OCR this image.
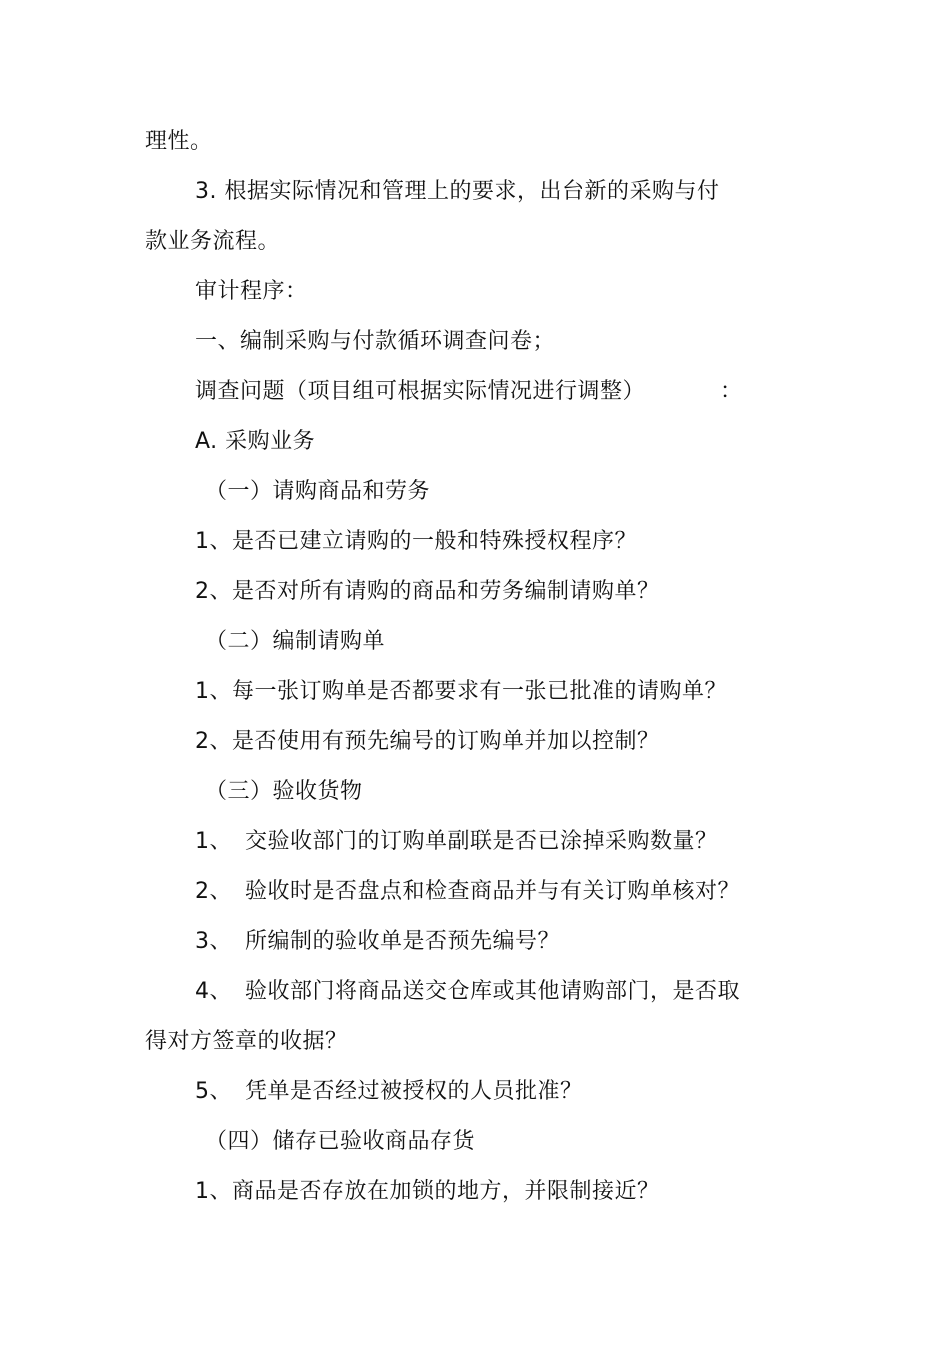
理性。
3. 根据实际情况和管理上的要求，出台新的采购与付
款业务流程。
审计程序：
一、编制采购与付款循环调查问卷；
调查问题（项目组可根据实际情况进行调整）	：
A. 采购业务
（一）请购商品和劳务
1、是否已建立请购的一般和特殊授权程序？
2、是否对所有请购的商品和劳务编制请购单？
（二）编制请购单
1、每一张订购单是否都要求有一张已批准的请购单？
2、是否使用有预先编号的订购单并加以控制？
（三）验收货物
1、 交验收部门的订购单副联是否已涂掉采购数量？
2、 验收时是否盘点和检查商品并与有关订购单核对？
3、 所编制的验收单是否预先编号？
4、 验收部门将商品送交仓库或其他请购部门，是否取
得对方签章的收据？
5、 凭单是否经过被授权的人员批准？
（四）储存已验收商品存货
1、商品是否存放在加锁的地方，并限制接近？
